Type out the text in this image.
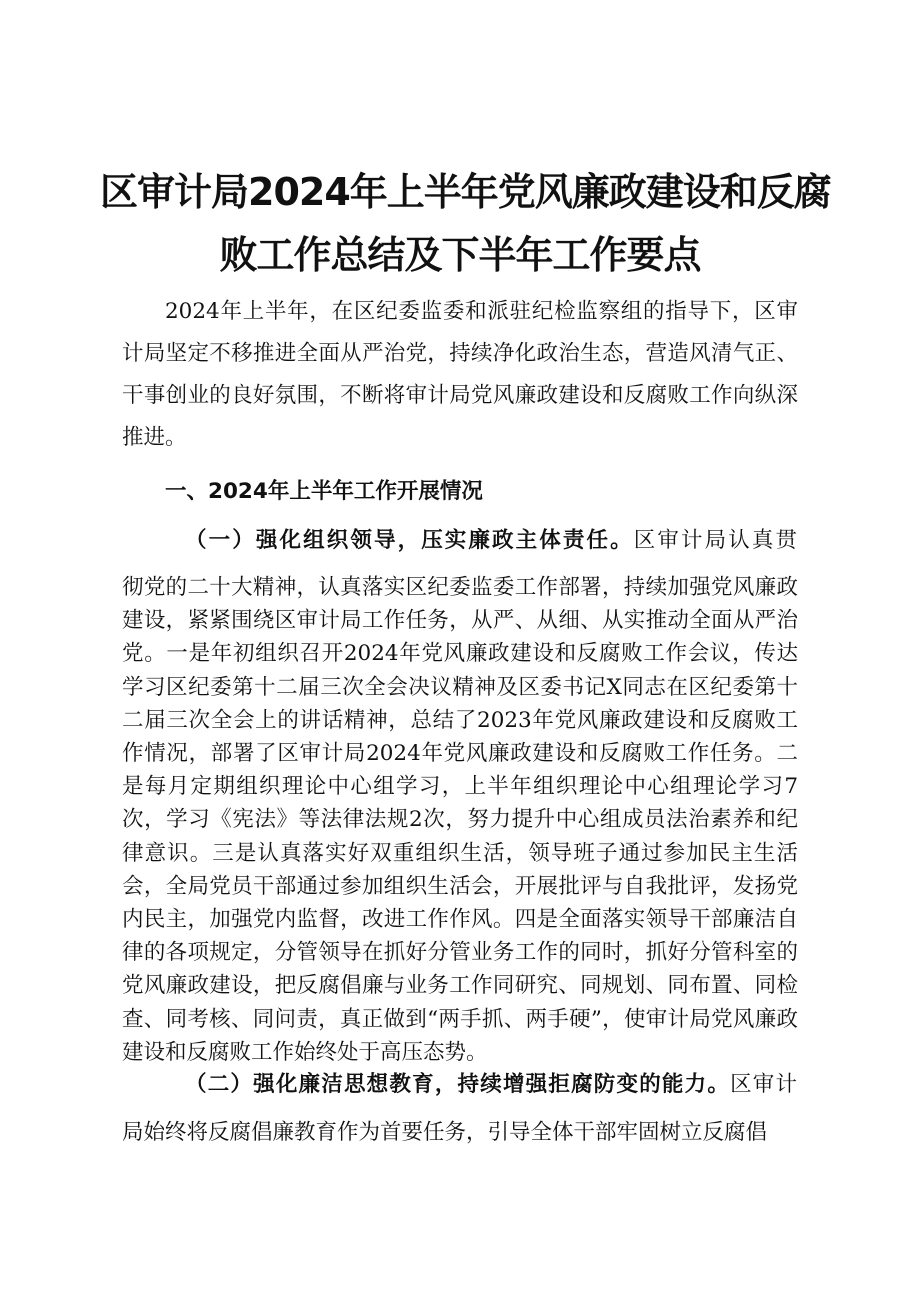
区审计局2024年上半年党风廉政建设和反腐
败工作总结及下半年工作要点

2024年上半年，在区纪委监委和派驻纪检监察组的指导下，区审计局坚定不移推进全面从严治党，持续净化政治生态，营造风清气正、干事创业的良好氛围，不断将审计局党风廉政建设和反腐败工作向纵深推进。

一、2024年上半年工作开展情况

（一）强化组织领导，压实廉政主体责任。区审计局认真贯

彻党的二十大精神，认真落实区纪委监委工作部署，持续加强党风廉政建设，紧紧围绕区审计局工作任务，从严、从细、从实推动全面从严治党。一是年初组织召开2024年党风廉政建设和反腐败工作会议，传达学习区纪委第十二届三次全会决议精神及区委书记X同志在区纪委第十二届三次全会上的讲话精神，总结了2023年党风廉政建设和反腐败工作情况，部署了区审计局2024年党风廉政建设和反腐败工作任务。二是每月定期组织理论中心组学习，上半年组织理论中心组理论学习7次，学习《宪法》等法律法规2次，努力提升中心组成员法治素养和纪律意识。三是认真落实好双重组织生活，领导班子通过参加民主生活会，全局党员干部通过参加组织生活会，开展批评与自我批评，发扬党内民主，加强党内监督，改进工作作风。四是全面落实领导干部廉洁自律的各项规定，分管领导在抓好分管业务工作的同时，抓好分管科室的党风廉政建设，把反腐倡廉与业务工作同研究、同规划、同布置、同检查、同考核、同问责，真正做到“两手抓、两手硬”，使审计局党风廉政建设和反腐败工作始终处于高压态势。

（二）强化廉洁思想教育，持续增强拒腐防变的能力。区审计

局始终将反腐倡廉教育作为首要任务，引导全体干部牢固树立反腐倡
